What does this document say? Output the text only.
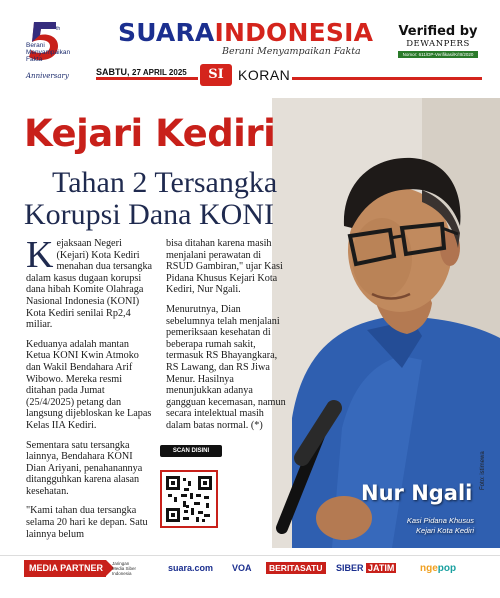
th
Berani
Menyampaikan
Fakta
Anniversary
SUARAINDONESIA
Berani Menyampaikan Fakta
Verified by
DEWANPERS
Nomor: 611/DP-Verifikasi/K/III/2020
SABTU, 27 APRIL 2025	SI	KORAN
Nur Ngali
Kasi Pidana Khusus
Kejari Kota Kediri
Foto: istimewa
Kejari Kediri
Tahan 2 Tersangka
Korupsi Dana KONI

Kejaksaan Negeri (Kejari) Kota Kediri menahan dua tersangka dalam kasus dugaan korupsi dana hibah Komite Olahraga Nasional Indonesia (KONI) Kota Kediri senilai Rp2,4 miliar.

Keduanya adalah mantan Ketua KONI Kwin Atmoko dan Wakil Bendahara Arif Wibowo. Mereka resmi ditahan pada Jumat (25/4/2025) petang dan langsung dijebloskan ke Lapas Kelas IIA Kediri.

Sementara satu tersangka lainnya, Bendahara KONI Dian Ariyani, penahanannya ditangguhkan karena alasan kesehatan.

"Kami tahan dua tersangka selama 20 hari ke depan. Satu lainnya belum

bisa ditahan karena masih menjalani perawatan di RSUD Gambiran," ujar Kasi Pidana Khusus Kejari Kota Kediri, Nur Ngali.

Menurutnya, Dian sebelumnya telah menjalani pemeriksaan kesehatan di beberapa rumah sakit, termasuk RS Bhayangkara, RS Lawang, dan RS Jiwa Menur. Hasilnya menunjukkan adanya gangguan kecemasan, namun secara intelektual masih dalam batas normal. (*)

SCAN DISINI
MEDIA PARTNER	Jaringan
Media Siber
Indonesia
suara.com VOA	BERITASATU	SIBER JATIM	ngepop
